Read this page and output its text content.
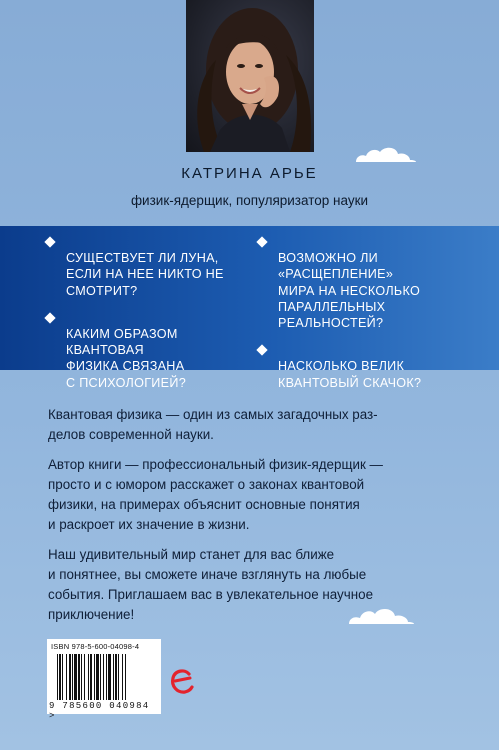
КАТРИНА АРЬЕ
физик-ядерщик, популяризатор науки

СУЩЕСТВУЕТ ЛИ ЛУНА,
ЕСЛИ НА НЕЕ НИКТО НЕ
СМОТРИТ?

КАКИМ ОБРАЗОМ
КВАНТОВАЯ
ФИЗИКА СВЯЗАНА
С ПСИХОЛОГИЕЙ?

ВОЗМОЖНО ЛИ
«РАСЩЕПЛЕНИЕ»
МИРА НА НЕСКОЛЬКО
ПАРАЛЛЕЛЬНЫХ
РЕАЛЬНОСТЕЙ?

НАСКОЛЬКО ВЕЛИК
КВАНТОВЫЙ СКАЧОК?

Квантовая физика — один из самых загадочных раз-
делов современной науки.

Автор книги — профессиональный физик-ядерщик —
просто и с юмором расскажет о законах квантовой
физики, на примерах объяснит основные понятия
и раскроет их значение в жизни.

Наш удивительный мир станет для вас ближе
и понятнее, вы сможете иначе взглянуть на любые
события. Приглашаем вас в увлекательное научное
приключение!

ISBN 978-5-600-04098-4
9 785600 040984 >
